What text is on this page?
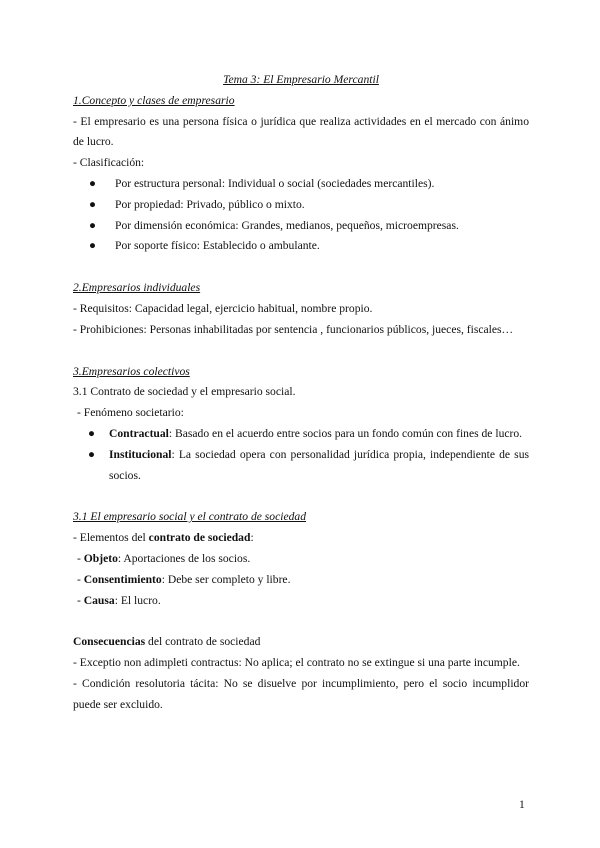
Tema 3: El Empresario Mercantil

1.Concepto y clases de empresario

- El empresario es una persona física o jurídica que realiza actividades en el mercado con ánimo de lucro.

- Clasificación:

● Por estructura personal: Individual o social (sociedades mercantiles).
● Por propiedad: Privado, público o mixto.
● Por dimensión económica: Grandes, medianos, pequeños, microempresas.
● Por soporte físico: Establecido o ambulante.

2.Empresarios individuales

- Requisitos: Capacidad legal, ejercicio habitual, nombre propio.

- Prohibiciones: Personas inhabilitadas por sentencia , funcionarios públicos, jueces, fiscales…

3.Empresarios colectivos

3.1 Contrato de sociedad y el empresario social.

- Fenómeno societario:

● Contractual: Basado en el acuerdo entre socios para un fondo común con fines de lucro.
● Institucional: La sociedad opera con personalidad jurídica propia, independiente de sus socios.

3.1 El empresario social y el contrato de sociedad

- Elementos del contrato de sociedad:

- Objeto: Aportaciones de los socios.

- Consentimiento: Debe ser completo y libre.

- Causa: El lucro.

Consecuencias del contrato de sociedad

- Exceptio non adimpleti contractus: No aplica; el contrato no se extingue si una parte incumple.

- Condición resolutoria tácita: No se disuelve por incumplimiento, pero el socio incumplidor puede ser excluido.

1
